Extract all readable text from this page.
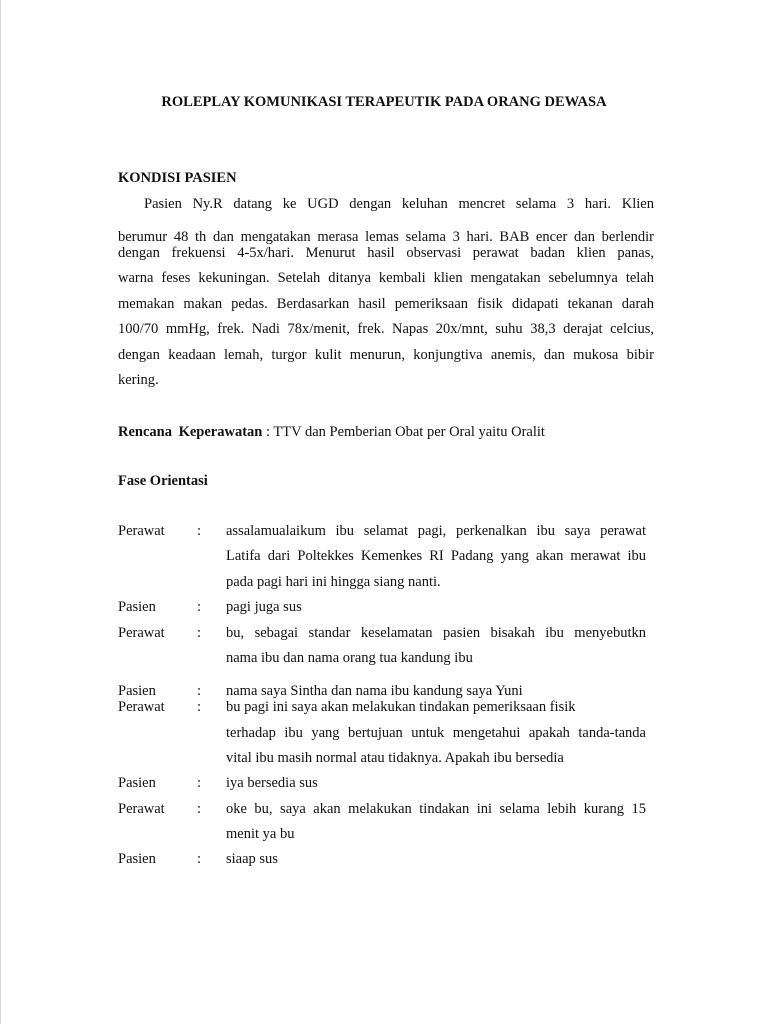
ROLEPLAY KOMUNIKASI TERAPEUTIK PADA ORANG DEWASA
KONDISI PASIEN
Pasien Ny.R datang ke UGD dengan keluhan mencret selama 3 hari. Klien
berumur 48 th dan mengatakan merasa lemas selama 3 hari. BAB encer dan berlendir
dengan frekuensi 4-5x/hari. Menurut hasil observasi perawat badan klien panas,
warna feses kekuningan. Setelah ditanya kembali klien mengatakan sebelumnya telah
memakan makan pedas. Berdasarkan hasil pemeriksaan fisik didapati tekanan darah
100/70 mmHg, frek. Nadi 78x/menit, frek. Napas 20x/mnt, suhu 38,3 derajat celcius,
dengan keadaan lemah, turgor kulit menurun, konjungtiva anemis, dan mukosa bibir
kering.
Rencana Keperawatan : TTV dan Pemberian Obat per Oral yaitu Oralit
Fase Orientasi
Perawat : assalamualaikum ibu selamat pagi, perkenalkan ibu saya perawat
Latifa dari Poltekkes Kemenkes RI Padang yang akan merawat ibu
pada pagi hari ini hingga siang nanti.
Pasien	: pagi juga sus
Perawat : bu, sebagai standar keselamatan pasien bisakah ibu menyebutkn
nama ibu dan nama orang tua kandung ibu
Pasien	: nama saya Sintha dan nama ibu kandung saya Yuni
Perawat : bu pagi ini saya akan melakukan tindakan pemeriksaan fisik
terhadap ibu yang bertujuan untuk mengetahui apakah tanda-tanda
vital ibu masih normal atau tidaknya. Apakah ibu bersedia
Pasien	: iya bersedia sus
Perawat : oke bu, saya akan melakukan tindakan ini selama lebih kurang 15
menit ya bu
Pasien	: siaap sus
